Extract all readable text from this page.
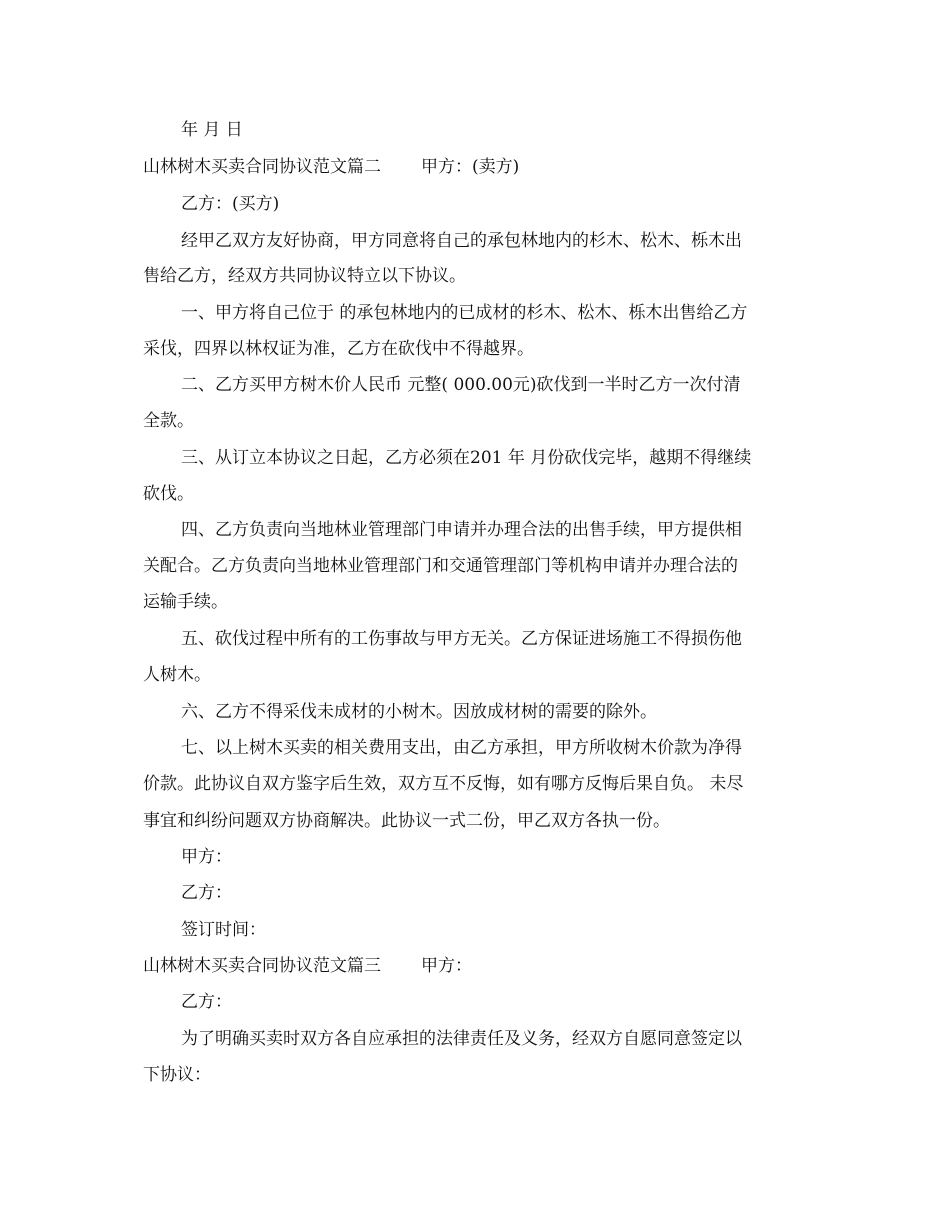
年 月 日
山林树木买卖合同协议范文篇二 甲方：(卖方)
乙方：(买方)
经甲乙双方友好协商，甲方同意将自己的承包林地内的杉木、松木、栎木出
售给乙方，经双方共同协议特立以下协议。
一、甲方将自己位于 的承包林地内的已成材的杉木、松木、栎木出售给乙方
采伐，四界以林权证为准，乙方在砍伐中不得越界。
二、乙方买甲方树木价人民币 元整( 000.00元)砍伐到一半时乙方一次付清
全款。
三、从订立本协议之日起，乙方必须在201 年 月份砍伐完毕，越期不得继续
砍伐。
四、乙方负责向当地林业管理部门申请并办理合法的出售手续，甲方提供相
关配合。乙方负责向当地林业管理部门和交通管理部门等机构申请并办理合法的
运输手续。
五、砍伐过程中所有的工伤事故与甲方无关。乙方保证进场施工不得损伤他
人树木。
六、乙方不得采伐未成材的小树木。因放成材树的需要的除外。
七、以上树木买卖的相关费用支出，由乙方承担，甲方所收树木价款为净得
价款。此协议自双方鉴字后生效，双方互不反悔，如有哪方反悔后果自负。 未尽
事宜和纠纷问题双方协商解决。此协议一式二份，甲乙双方各执一份。
甲方：
乙方：
签订时间：
山林树木买卖合同协议范文篇三 甲方：
乙方：
为了明确买卖时双方各自应承担的法律责任及义务，经双方自愿同意签定以
下协议：
